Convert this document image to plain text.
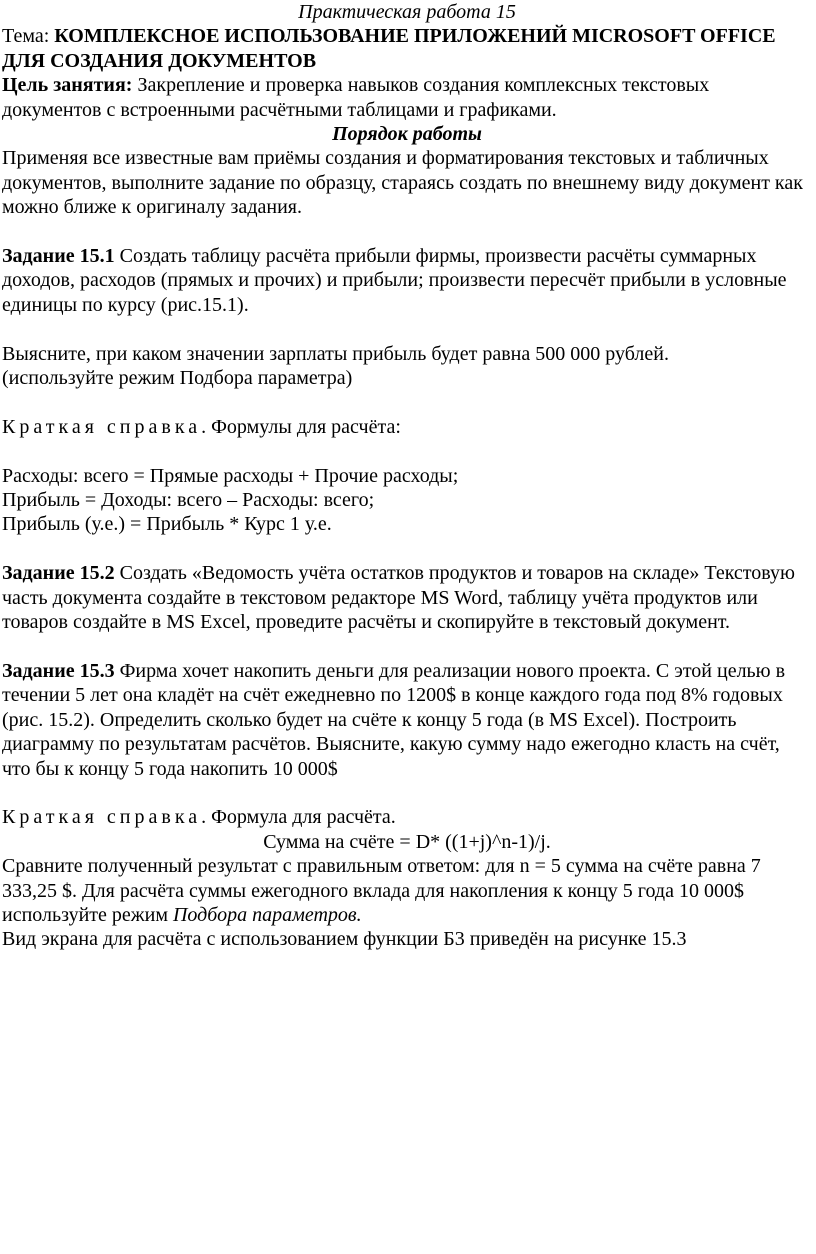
Практическая работа 15

Тема: КОМПЛЕКСНОЕ ИСПОЛЬЗОВАНИЕ ПРИЛОЖЕНИЙ MICROSOFT OFFICE ДЛЯ СОЗДАНИЯ ДОКУМЕНТОВ

Цель занятия: Закрепление и проверка навыков создания комплексных текстовых документов с встроенными расчётными таблицами и графиками.

Порядок работы

Применяя все известные вам приёмы создания и форматирования текстовых и табличных документов, выполните задание по образцу, стараясь создать по внешнему виду документ как можно ближе к оригиналу задания.

Задание 15.1 Создать таблицу расчёта прибыли фирмы, произвести расчёты суммарных доходов, расходов (прямых и прочих) и прибыли; произвести пересчёт прибыли в условные единицы по курсу (рис.15.1).

Выясните, при каком значении зарплаты прибыль будет равна 500 000 рублей.

(используйте режим Подбора параметра)

Краткая справка. Формулы для расчёта:

Расходы: всего = Прямые расходы + Прочие расходы;

Прибыль = Доходы: всего – Расходы: всего;

Прибыль (у.е.) = Прибыль * Курс 1 у.е.

Задание 15.2 Создать «Ведомость учёта остатков продуктов и товаров на складе» Текстовую часть документа создайте в текстовом редакторе MS Word, таблицу учёта продуктов или товаров создайте в MS Excel, проведите расчёты и скопируйте в текстовый документ.

Задание 15.3 Фирма хочет накопить деньги для реализации нового проекта. С этой целью в течении 5 лет она кладёт на счёт ежедневно по 1200$ в конце каждого года под 8% годовых (рис. 15.2). Определить сколько будет на счёте к концу 5 года (в MS Excel). Построить диаграмму по результатам расчётов. Выясните, какую сумму надо ежегодно класть на счёт, что бы к концу 5 года накопить 10 000$

Краткая справка. Формула для расчёта.

Сумма на счёте = D* ((1+j)^n-1)/j.

Сравните полученный результат с правильным ответом: для n = 5 сумма на счёте равна 7 333,25 $. Для расчёта суммы ежегодного вклада для накопления к концу 5 года 10 000$ используйте режим Подбора параметров.

Вид экрана для расчёта с использованием функции Б3 приведён на рисунке 15.3
